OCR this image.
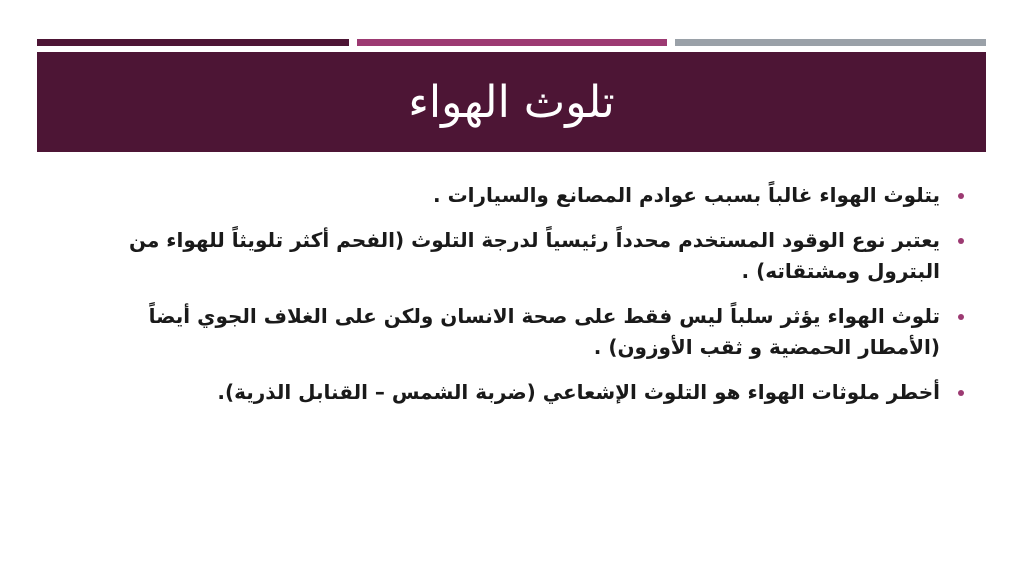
تلوث الهواء
يتلوث الهواء غالباً بسبب عوادم المصانع والسيارات .
يعتبر نوع الوقود المستخدم محدداً رئيسياً لدرجة التلوث (الفحم أكثر تلويثاً للهواء من البترول ومشتقاته) .
تلوث الهواء يؤثر سلباً ليس فقط على صحة الانسان ولكن على الغلاف الجوي أيضاً (الأمطار الحمضية و ثقب الأوزون) .
أخطر ملوثات الهواء هو التلوث الإشعاعي (ضربة الشمس – القنابل الذرية).
